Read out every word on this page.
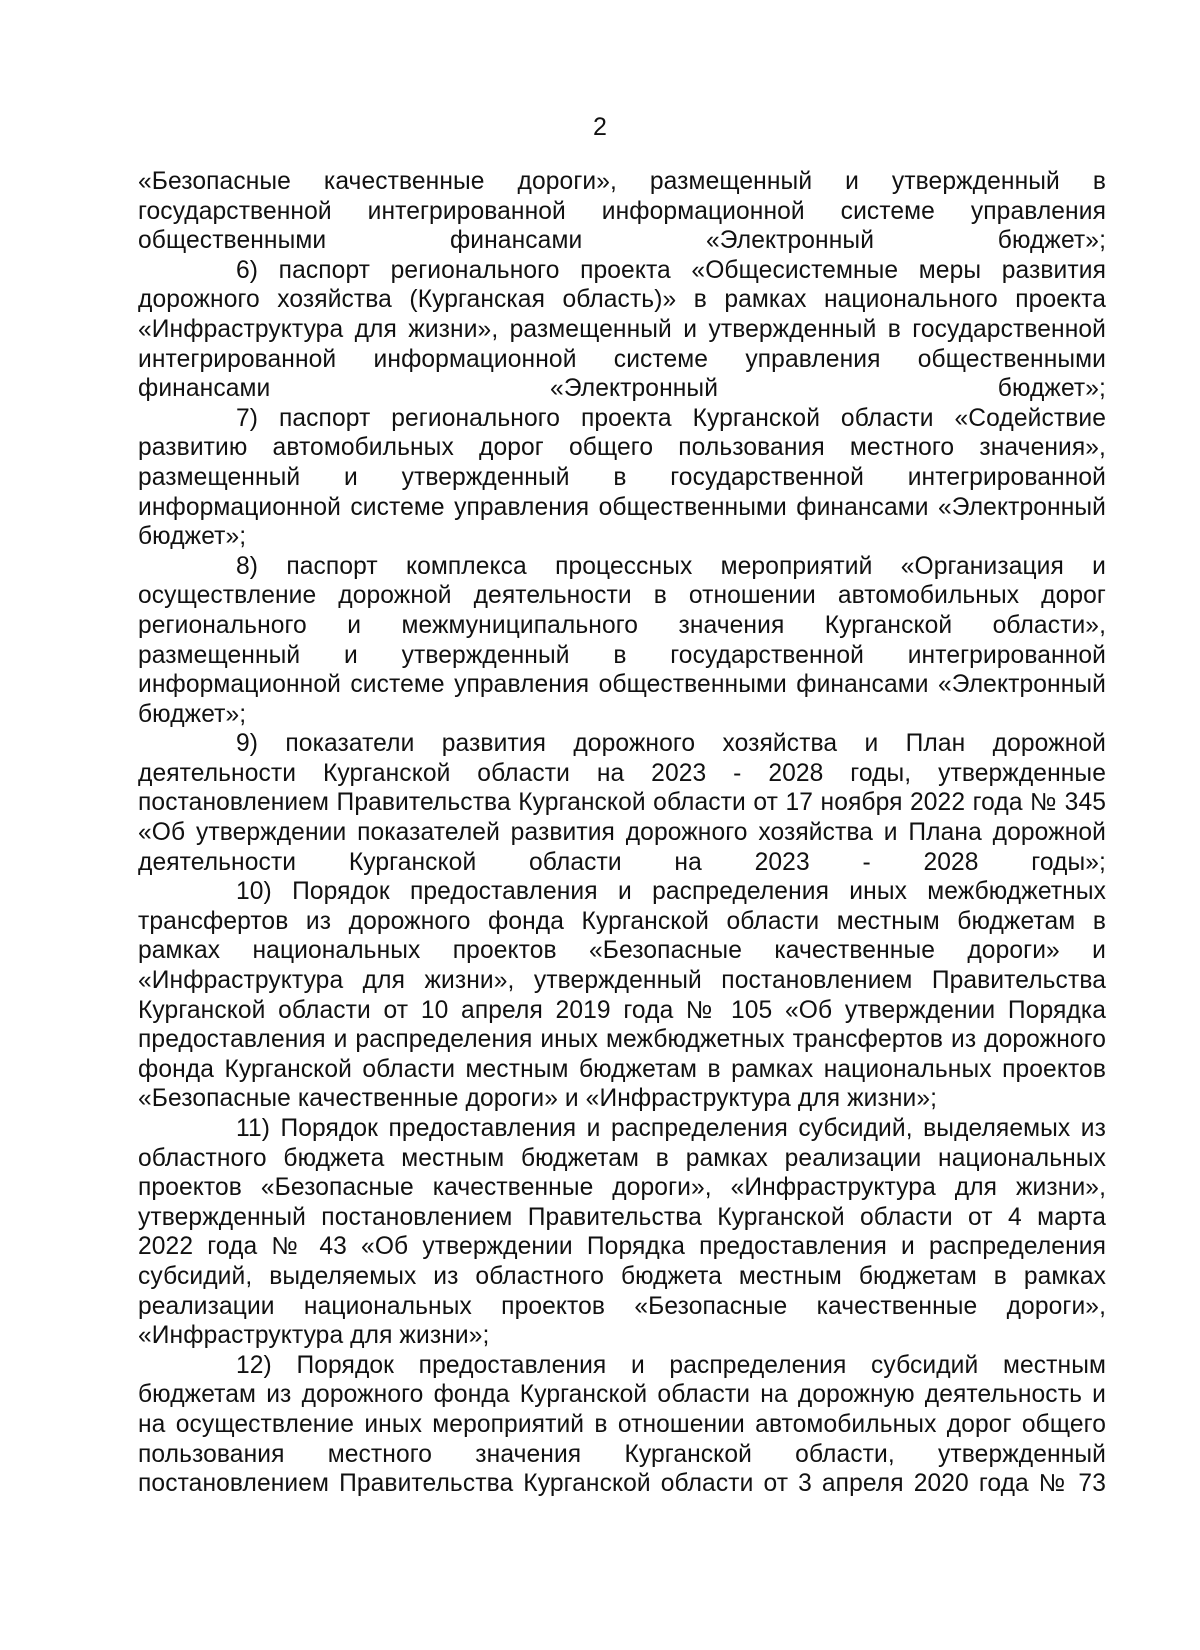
2

«Безопасные качественные дороги», размещенный и утвержденный в государственной интегрированной информационной системе управления общественными финансами «Электронный бюджет»;

6) паспорт регионального проекта «Общесистемные меры развития дорожного хозяйства (Курганская область)» в рамках национального проекта «Инфраструктура для жизни», размещенный и утвержденный в государственной интегрированной информационной системе управления общественными финансами «Электронный бюджет»;

7) паспорт регионального проекта Курганской области «Содействие развитию автомобильных дорог общего пользования местного значения», размещенный и утвержденный в государственной интегрированной информационной системе управления общественными финансами «Электронный бюджет»;

8) паспорт комплекса процессных мероприятий «Организация и осуществление дорожной деятельности в отношении автомобильных дорог регионального и межмуниципального значения Курганской области», размещенный и утвержденный в государственной интегрированной информационной системе управления общественными финансами «Электронный бюджет»;

9) показатели развития дорожного хозяйства и План дорожной деятельности Курганской области на 2023 - 2028 годы, утвержденные постановлением Правительства Курганской области от 17 ноября 2022 года № 345 «Об утверждении показателей развития дорожного хозяйства и Плана дорожной деятельности Курганской области на 2023 - 2028 годы»;

10) Порядок предоставления и распределения иных межбюджетных трансфертов из дорожного фонда Курганской области местным бюджетам в рамках национальных проектов «Безопасные качественные дороги» и «Инфраструктура для жизни», утвержденный постановлением Правительства Курганской области от 10 апреля 2019 года № 105 «Об утверждении Порядка предоставления и распределения иных межбюджетных трансфертов из дорожного фонда Курганской области местным бюджетам в рамках национальных проектов «Безопасные качественные дороги» и «Инфраструктура для жизни»;

11) Порядок предоставления и распределения субсидий, выделяемых из областного бюджета местным бюджетам в рамках реализации национальных проектов «Безопасные качественные дороги», «Инфраструктура для жизни», утвержденный постановлением Правительства Курганской области от 4 марта 2022 года № 43 «Об утверждении Порядка предоставления и распределения субсидий, выделяемых из областного бюджета местным бюджетам в рамках реализации национальных проектов «Безопасные качественные дороги», «Инфраструктура для жизни»;

12) Порядок предоставления и распределения субсидий местным бюджетам из дорожного фонда Курганской области на дорожную деятельность и на осуществление иных мероприятий в отношении автомобильных дорог общего пользования местного значения Курганской области, утвержденный постановлением Правительства Курганской области от 3 апреля 2020 года № 73
